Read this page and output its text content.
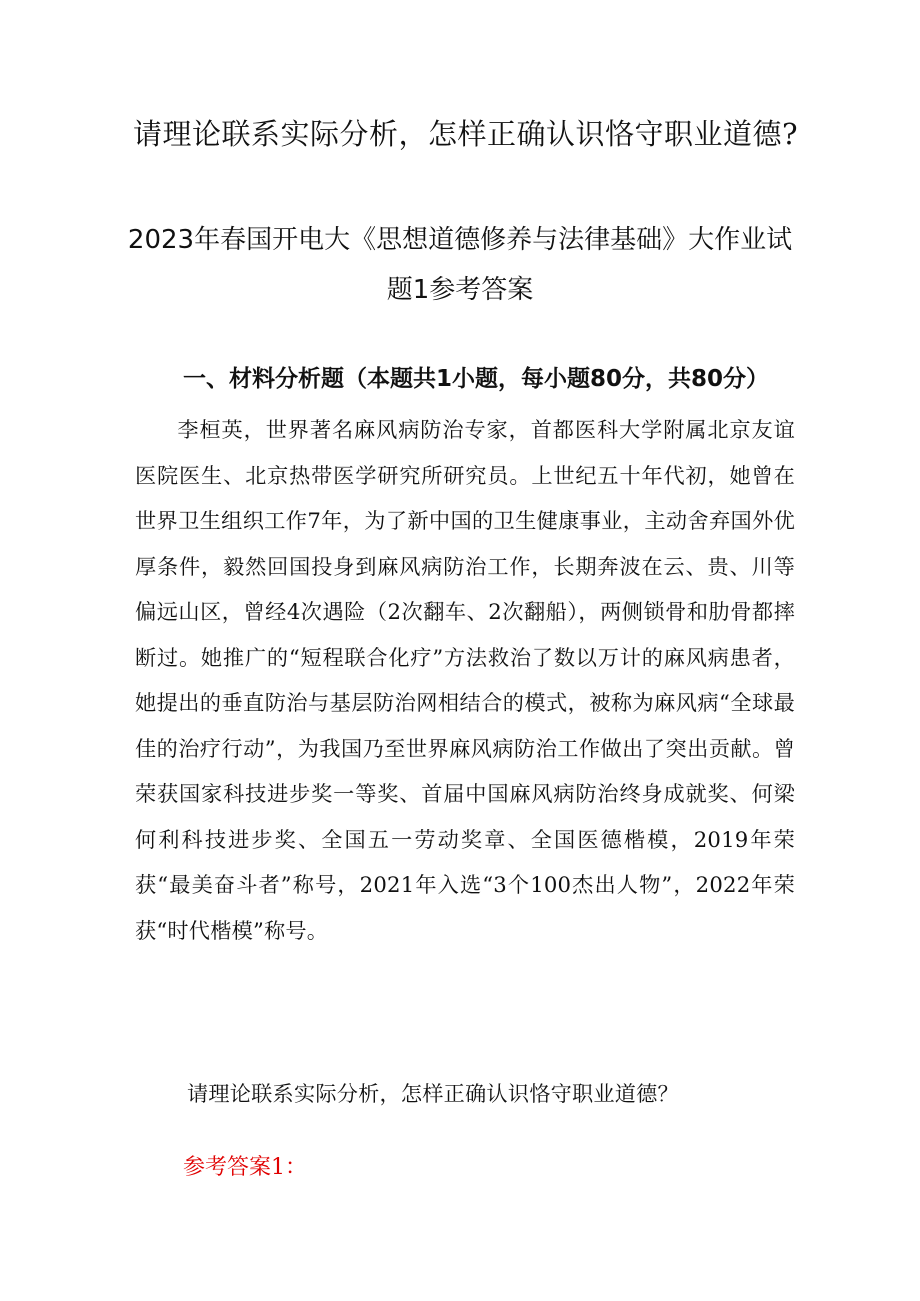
请理论联系实际分析，怎样正确认识恪守职业道德?
2023年春国开电大《思想道德修养与法律基础》大作业试
题1参考答案
一、材料分析题（本题共1小题，每小题80分，共80分）
李桓英，世界著名麻风病防治专家，首都医科大学附属北京友谊医院医生、北京热带医学研究所研究员。上世纪五十年代初，她曾在世界卫生组织工作7年，为了新中国的卫生健康事业，主动舍弃国外优厚条件，毅然回国投身到麻风病防治工作，长期奔波在云、贵、川等偏远山区，曾经4次遇险（2次翻车、2次翻船），两侧锁骨和肋骨都摔断过。她推广的“短程联合化疗”方法救治了数以万计的麻风病患者，她提出的垂直防治与基层防治网相结合的模式，被称为麻风病“全球最佳的治疗行动”，为我国乃至世界麻风病防治工作做出了突出贡献。曾荣获国家科技进步奖一等奖、首届中国麻风病防治终身成就奖、何梁何利科技进步奖、全国五一劳动奖章、全国医德楷模，2019年荣获“最美奋斗者”称号，2021年入选“3个100杰出人物”，2022年荣获“时代楷模”称号。
请理论联系实际分析，怎样正确认识恪守职业道德？
参考答案1：
